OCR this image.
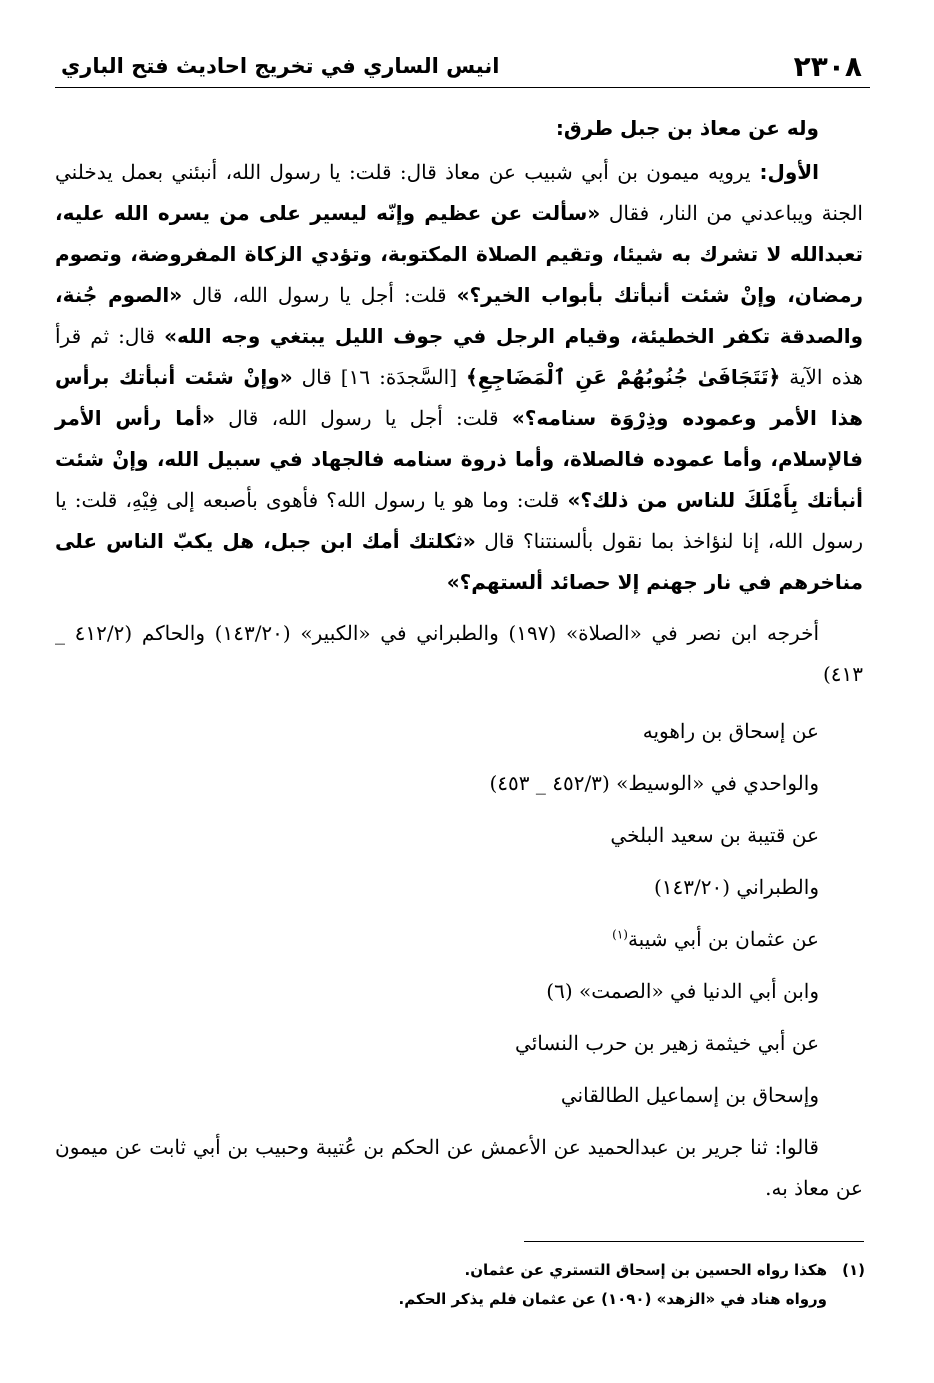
٢٣٠٨
انيس الساري في تخريج احاديث فتح الباري

وله عن معاذ بن جبل طرق:

الأول: يرويه ميمون بن أبي شبيب عن معاذ قال: قلت: يا رسول الله، أنبئني بعمل يدخلني الجنة ويباعدني من النار، فقال «سألت عن عظيم وإنّه ليسير على من يسره الله عليه، تعبدالله لا تشرك به شيئا، وتقيم الصلاة المكتوبة، وتؤدي الزكاة المفروضة، وتصوم رمضان، وإنْ شئت أنبأتك بأبواب الخير؟» قلت: أجل يا رسول الله، قال «الصوم جُنة، والصدقة تكفر الخطيئة، وقيام الرجل في جوف الليل يبتغي وجه الله» قال: ثم قرأ هذه الآية ﴿تَتَجَافَىٰ جُنُوبُهُمْ عَنِ ٱلْمَضَاجِعِ﴾ [السَّجدَة: ١٦] قال «وإنْ شئت أنبأتك برأس هذا الأمر وعموده وذِرْوَة سنامه؟» قلت: أجل يا رسول الله، قال «أما رأس الأمر فالإسلام، وأما عموده فالصلاة، وأما ذروة سنامه فالجهاد في سبيل الله، وإنْ شئت أنبأتك بِأَمْلَكَ للناس من ذلك؟» قلت: وما هو يا رسول الله؟ فأهوى بأصبعه إلى فِيْهِ، قلت: يا رسول الله، إنا لنؤاخذ بما نقول بألسنتنا؟ قال «ثكلتك أمك ابن جبل، هل يكبّ الناس على مناخرهم في نار جهنم إلا حصائد ألستهم؟»

أخرجه ابن نصر في «الصلاة» (١٩٧) والطبراني في «الكبير» (١٤٣/٢٠) والحاكم (٤١٢/٢ _ ٤١٣)

عن إسحاق بن راهويه
والواحدي في «الوسيط» (٤٥٢/٣ _ ٤٥٣)
عن قتيبة بن سعيد البلخي
والطبراني (١٤٣/٢٠)
عن عثمان بن أبي شيبة$^{(١)}$
وابن أبي الدنيا في «الصمت» (٦)
عن أبي خيثمة زهير بن حرب النسائي
وإسحاق بن إسماعيل الطالقاني

قالوا: ثنا جرير بن عبدالحميد عن الأعمش عن الحكم بن عُتيبة وحبيب بن أبي ثابت عن ميمون عن معاذ به.

(١)هكذا رواه الحسين بن إسحاق التستري عن عثمان.
ورواه هناد في «الزهد» (١٠٩٠) عن عثمان فلم يذكر الحكم.
